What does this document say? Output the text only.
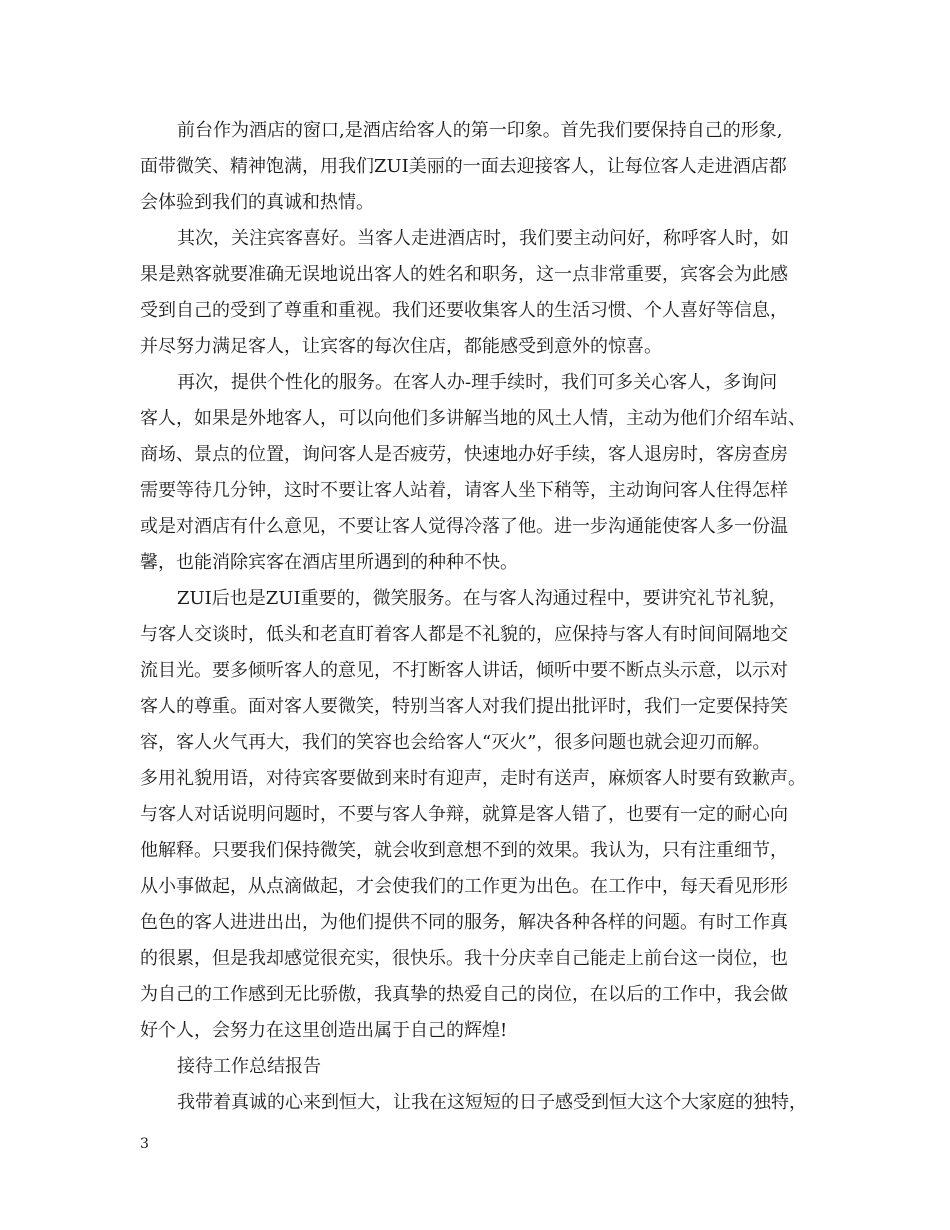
前台作为酒店的窗口,是酒店给客人的第一印象。首先我们要保持自己的形象,
面带微笑、精神饱满，用我们ZUI美丽的一面去迎接客人，让每位客人走进酒店都
会体验到我们的真诚和热情。
其次，关注宾客喜好。当客人走进酒店时，我们要主动问好，称呼客人时，如
果是熟客就要准确无误地说出客人的姓名和职务，这一点非常重要，宾客会为此感
受到自己的受到了尊重和重视。我们还要收集客人的生活习惯、个人喜好等信息，
并尽努力满足客人，让宾客的每次住店，都能感受到意外的惊喜。
再次，提供个性化的服务。在客人办-理手续时，我们可多关心客人，多询问
客人，如果是外地客人，可以向他们多讲解当地的风土人情，主动为他们介绍车站、
商场、景点的位置，询问客人是否疲劳，快速地办好手续，客人退房时，客房查房
需要等待几分钟，这时不要让客人站着，请客人坐下稍等，主动询问客人住得怎样
或是对酒店有什么意见，不要让客人觉得冷落了他。进一步沟通能使客人多一份温
馨，也能消除宾客在酒店里所遇到的种种不快。
ZUI后也是ZUI重要的，微笑服务。在与客人沟通过程中，要讲究礼节礼貌，
与客人交谈时，低头和老直盯着客人都是不礼貌的，应保持与客人有时间间隔地交
流目光。要多倾听客人的意见，不打断客人讲话，倾听中要不断点头示意，以示对
客人的尊重。面对客人要微笑，特别当客人对我们提出批评时，我们一定要保持笑
容，客人火气再大，我们的笑容也会给客人“灭火”，很多问题也就会迎刃而解。
多用礼貌用语，对待宾客要做到来时有迎声，走时有送声，麻烦客人时要有致歉声。
与客人对话说明问题时，不要与客人争辩，就算是客人错了，也要有一定的耐心向
他解释。只要我们保持微笑，就会收到意想不到的效果。我认为，只有注重细节，
从小事做起，从点滴做起，才会使我们的工作更为出色。在工作中，每天看见形形
色色的客人进进出出，为他们提供不同的服务，解决各种各样的问题。有时工作真
的很累，但是我却感觉很充实，很快乐。我十分庆幸自己能走上前台这一岗位，也
为自己的工作感到无比骄傲，我真挚的热爱自己的岗位，在以后的工作中，我会做
好个人，会努力在这里创造出属于自己的辉煌!
接待工作总结报告
我带着真诚的心来到恒大，让我在这短短的日子感受到恒大这个大家庭的独特，
3
